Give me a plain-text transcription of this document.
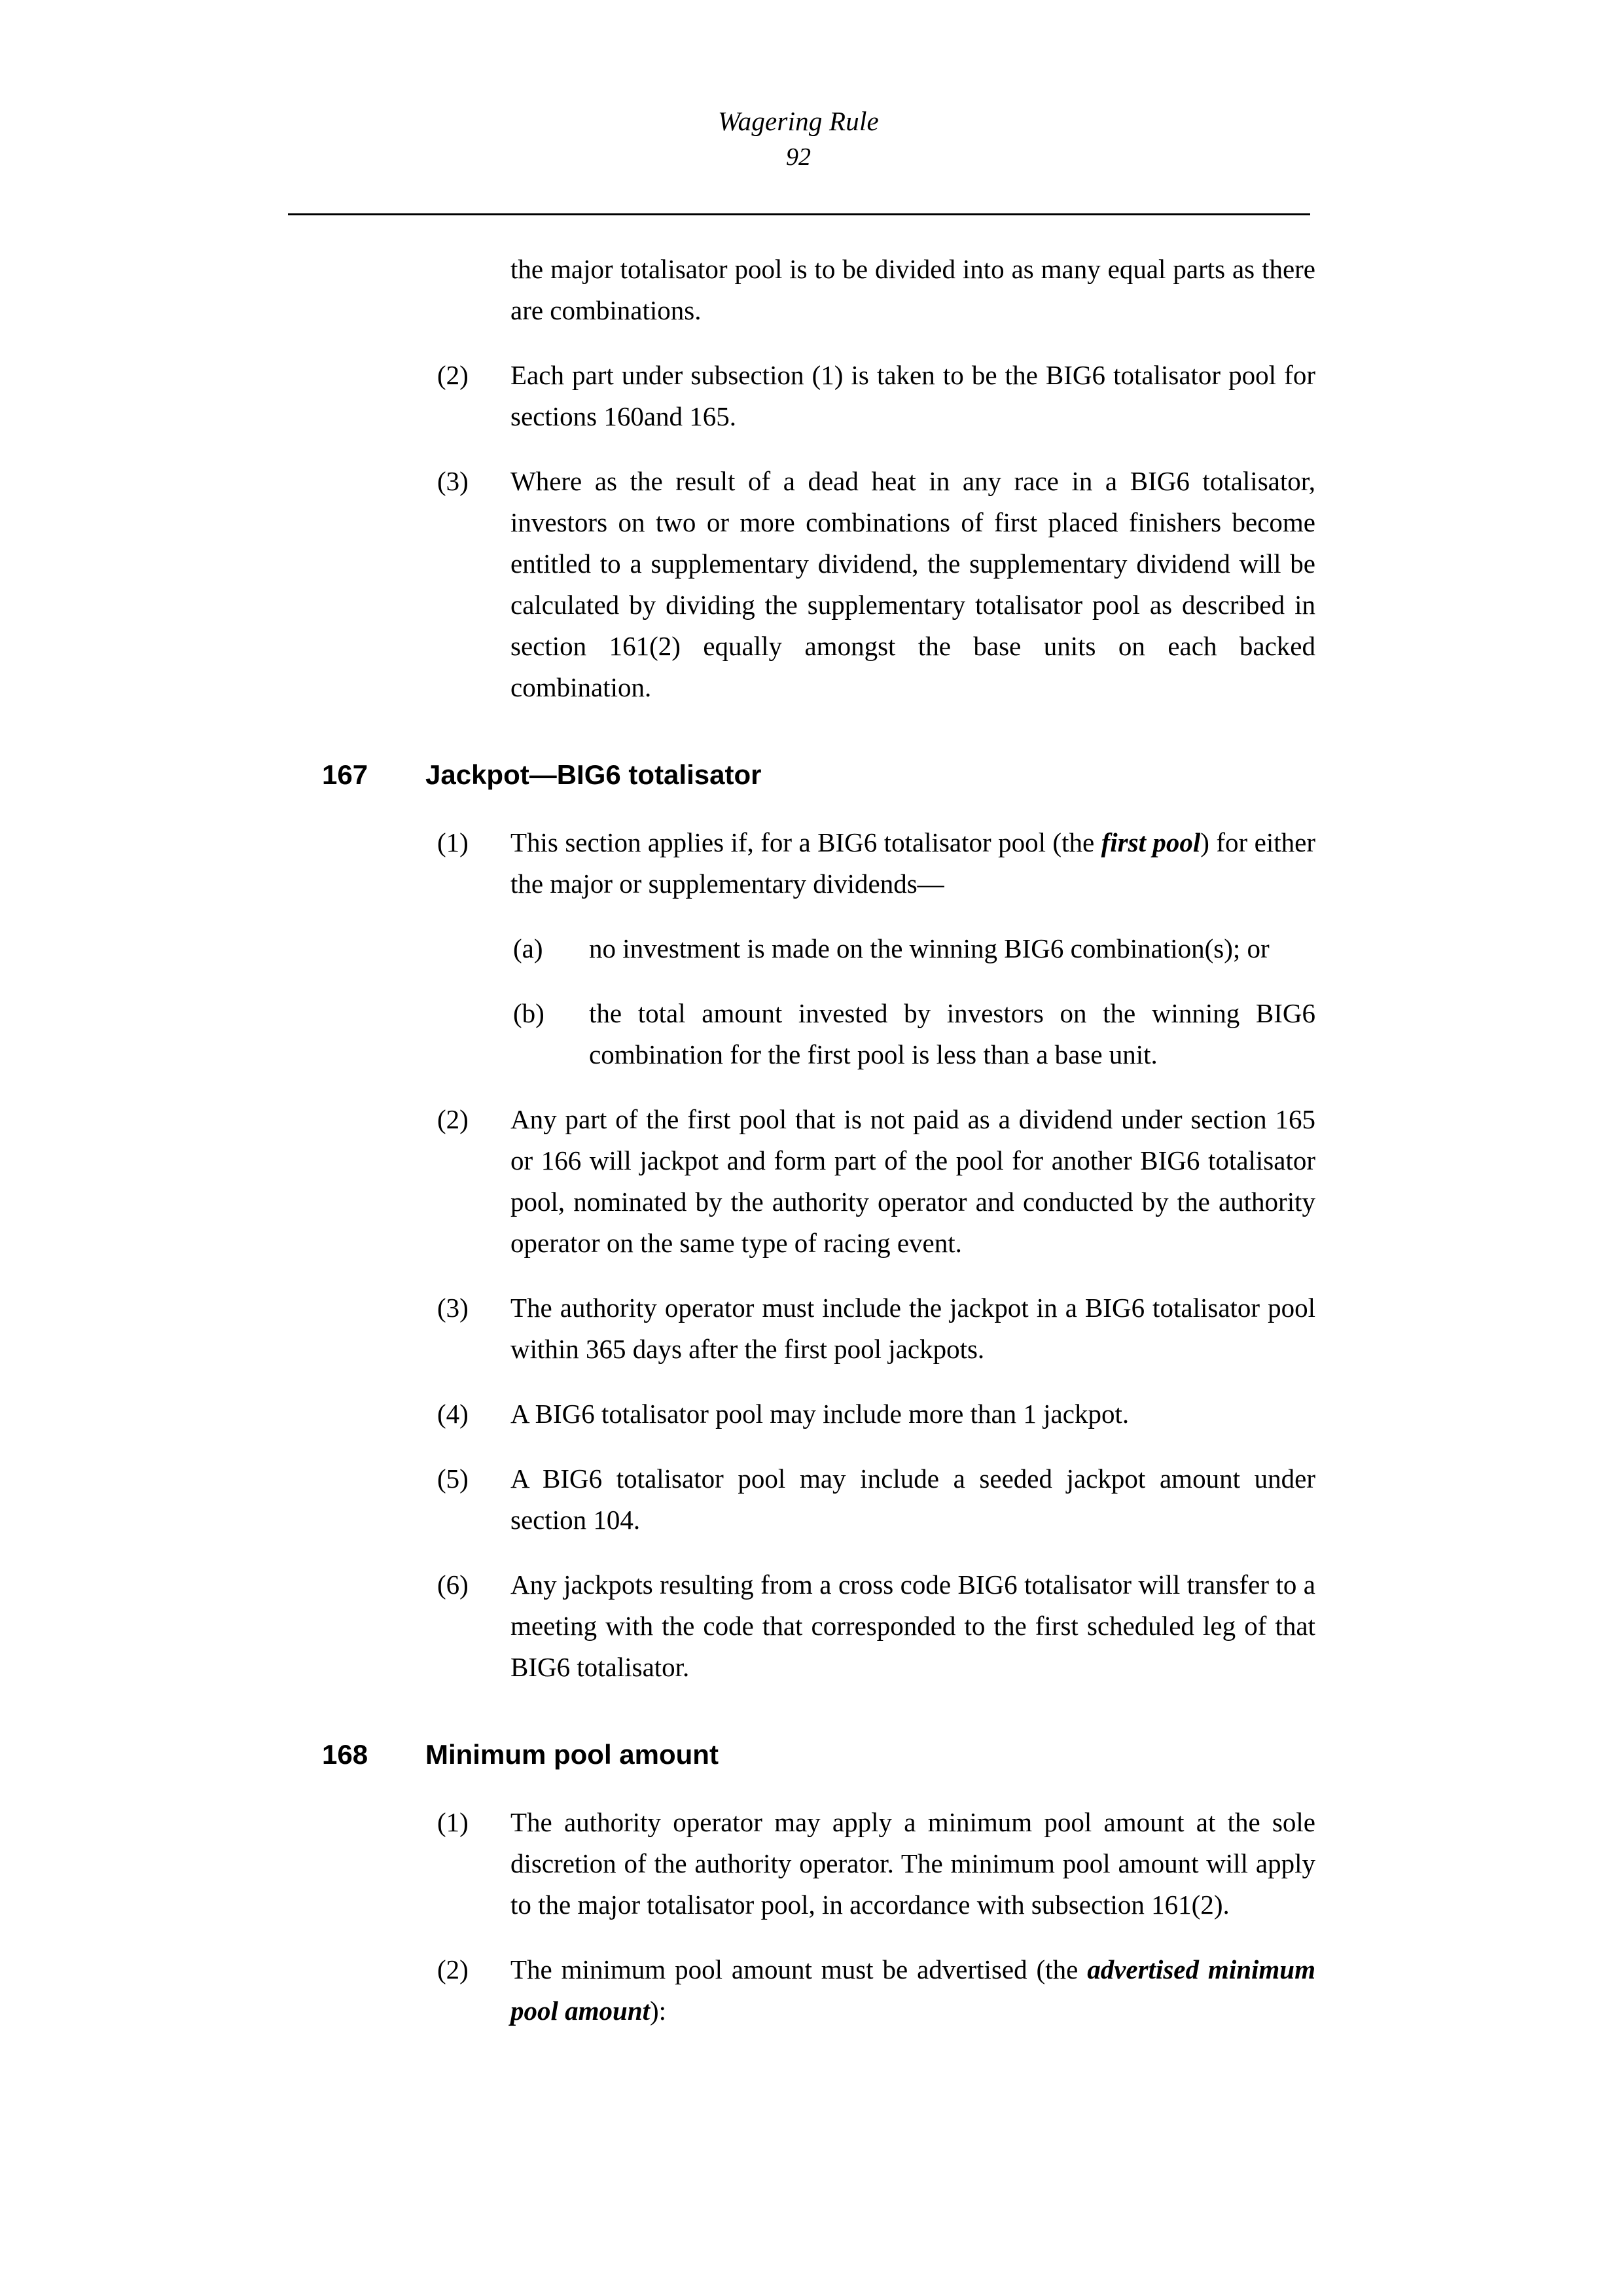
Wagering Rule
92
the major totalisator pool is to be divided into as many equal parts as there are combinations.
(2)	Each part under subsection (1) is taken to be the BIG6 totalisator pool for sections 160and 165.
(3)	Where as the result of a dead heat in any race in a BIG6 totalisator, investors on two or more combinations of first placed finishers become entitled to a supplementary dividend, the supplementary dividend will be calculated by dividing the supplementary totalisator pool as described in section 161(2) equally amongst the base units on each backed combination.
167	Jackpot—BIG6 totalisator
(1)	This section applies if, for a BIG6 totalisator pool (the first pool) for either the major or supplementary dividends—
(a)	no investment is made on the winning BIG6 combination(s); or
(b)	the total amount invested by investors on the winning BIG6 combination for the first pool is less than a base unit.
(2)	Any part of the first pool that is not paid as a dividend under section 165 or 166 will jackpot and form part of the pool for another BIG6 totalisator pool, nominated by the authority operator and conducted by the authority operator on the same type of racing event.
(3)	The authority operator must include the jackpot in a BIG6 totalisator pool within 365 days after the first pool jackpots.
(4)	A BIG6 totalisator pool may include more than 1 jackpot.
(5)	A BIG6 totalisator pool may include a seeded jackpot amount under section 104.
(6)	Any jackpots resulting from a cross code BIG6 totalisator will transfer to a meeting with the code that corresponded to the first scheduled leg of that BIG6 totalisator.
168	Minimum pool amount
(1)	The authority operator may apply a minimum pool amount at the sole discretion of the authority operator. The minimum pool amount will apply to the major totalisator pool, in accordance with subsection 161(2).
(2)	The minimum pool amount must be advertised (the advertised minimum pool amount):
